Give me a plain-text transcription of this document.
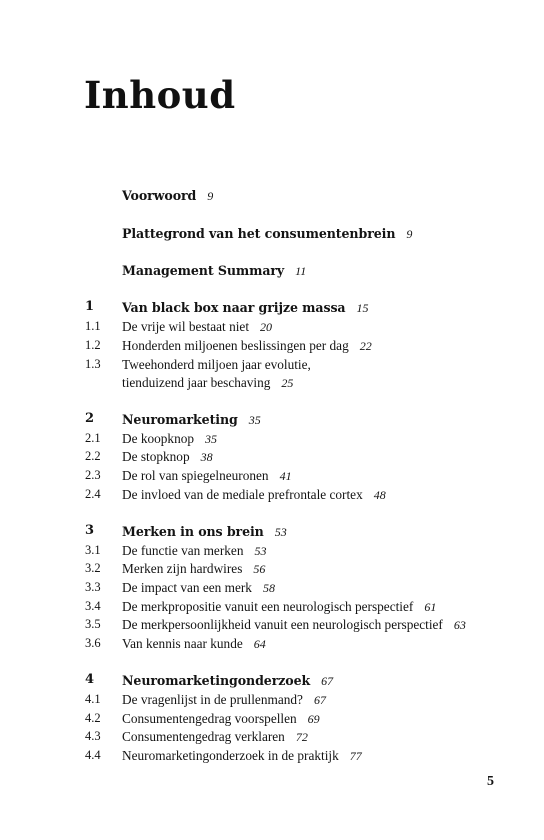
Inhoud
Voorwoord 9
Plattegrond van het consumentenbrein 9
Management Summary 11
1 Van black box naar grijze massa 15
1.1 De vrije wil bestaat niet 20
1.2 Honderden miljoenen beslissingen per dag 22
1.3 Tweehonderd miljoen jaar evolutie,
tienduizend jaar beschaving 25
2 Neuromarketing 35
2.1 De koopknop 35
2.2 De stopknop 38
2.3 De rol van spiegelneuronen 41
2.4 De invloed van de mediale prefrontale cortex 48
3 Merken in ons brein 53
3.1 De functie van merken 53
3.2 Merken zijn hardwires 56
3.3 De impact van een merk 58
3.4 De merkpropositie vanuit een neurologisch perspectief 61
3.5 De merkpersoonlijkheid vanuit een neurologisch perspectief 63
3.6 Van kennis naar kunde 64
4 Neuromarketingonderzoek 67
4.1 De vragenlijst in de prullenmand? 67
4.2 Consumentengedrag voorspellen 69
4.3 Consumentengedrag verklaren 72
4.4 Neuromarketingonderzoek in de praktijk 77
5
